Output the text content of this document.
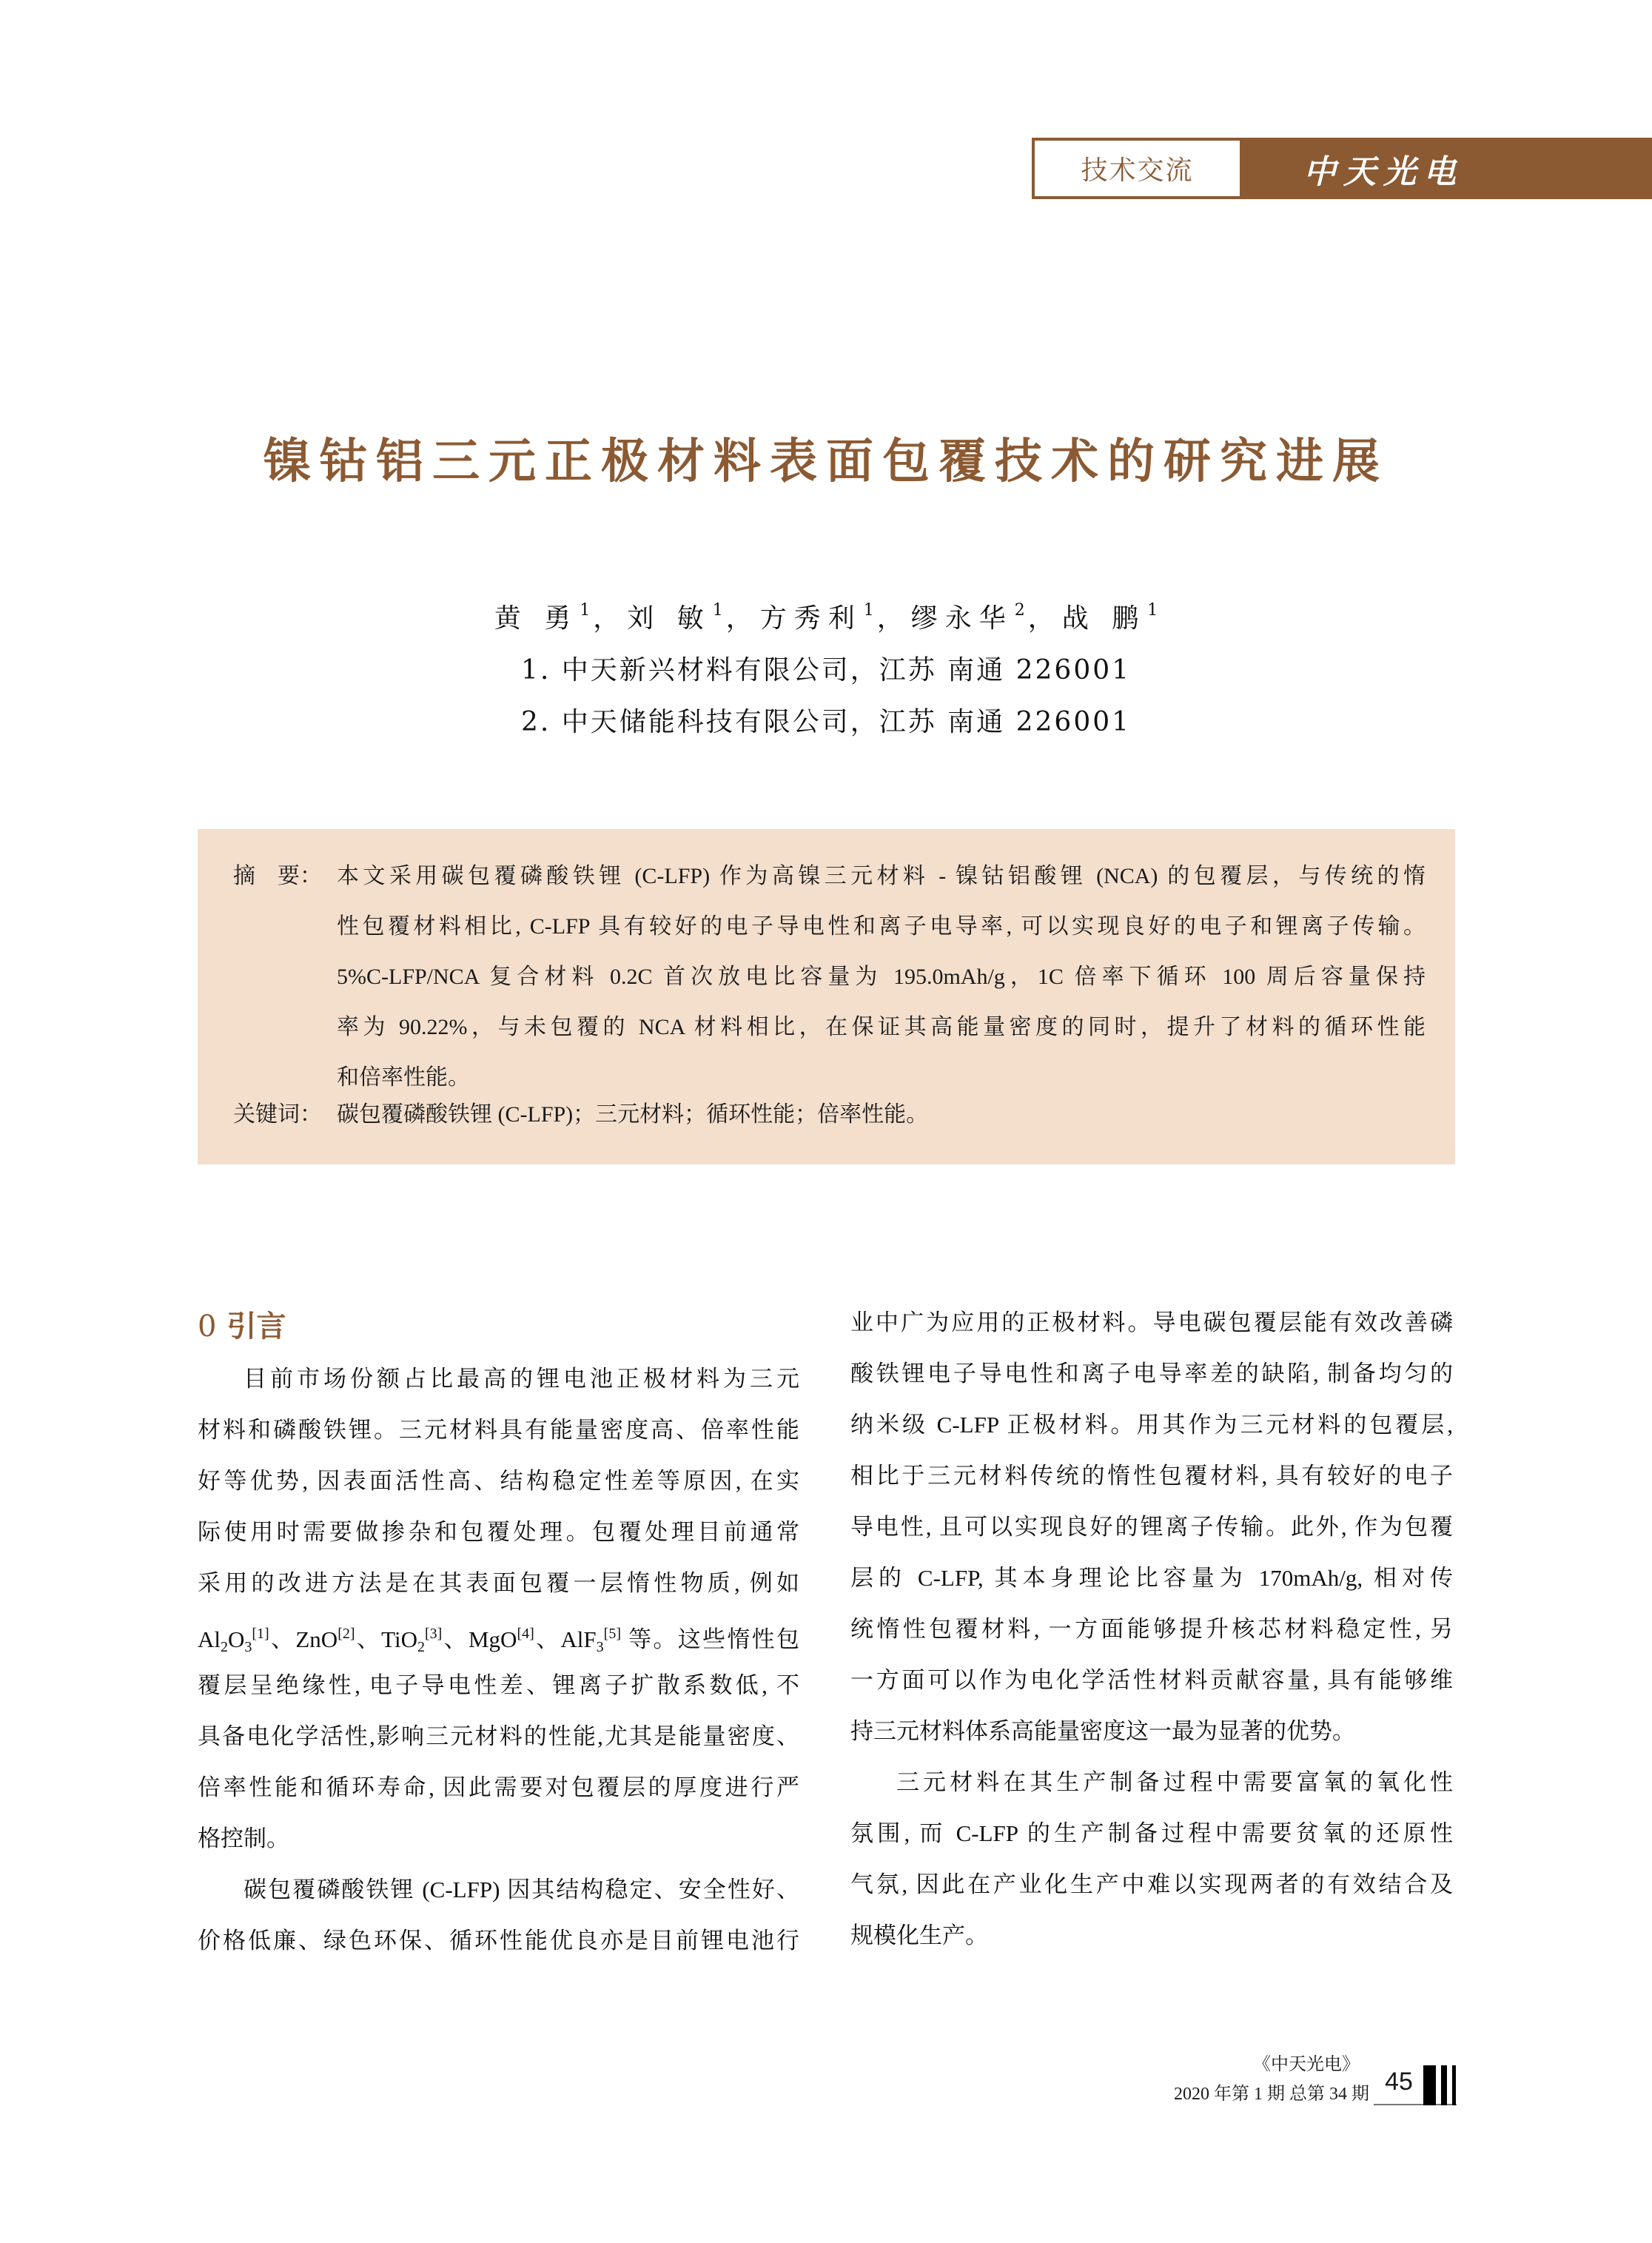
技术交流	中天光电
镍钴铝三元正极材料表面包覆技术的研究进展
黄 勇$^1$ ， 刘 敏$^1$ ， 方秀利$^1$ ， 缪永华$^2$ ， 战 鹏$^1$
1. 中天新兴材料有限公司，江苏 南通 226001
2. 中天储能科技有限公司，江苏 南通 226001
摘　要： 本文采用碳包覆磷酸铁锂 (C-LFP) 作为高镍三元材料 - 镍钴铝酸锂 (NCA) 的包覆层，与传统的惰
性包覆材料相比, C-LFP 具有较好的电子导电性和离子电导率, 可以实现良好的电子和锂离子传输。
5%C-LFP/NCA 复合材料 0.2C 首次放电比容量为 195.0mAh/g，1C 倍率下循环 100 周后容量保持
率为 90.22%，与未包覆的 NCA 材料相比，在保证其高能量密度的同时，提升了材料的循环性能
和倍率性能。
关键词： 碳包覆磷酸铁锂 (C-LFP)；三元材料；循环性能；倍率性能。
0 引言
目前市场份额占比最高的锂电池正极材料为三元
材料和磷酸铁锂。三元材料具有能量密度高、倍率性能
好等优势, 因表面活性高、结构稳定性差等原因, 在实
际使用时需要做掺杂和包覆处理。包覆处理目前通常
采用的改进方法是在其表面包覆一层惰性物质, 例如
$Al_2O_3[1]$、ZnO[2]、TiO$_2$[3]、MgO[4]、AlF$_3$[5] 等。这些惰性包
覆层呈绝缘性, 电子导电性差、锂离子扩散系数低, 不
具备电化学活性,影响三元材料的性能,尤其是能量密度、
倍率性能和循环寿命, 因此需要对包覆层的厚度进行严
格控制。
碳包覆磷酸铁锂 (C-LFP) 因其结构稳定、安全性好、
价格低廉、绿色环保、循环性能优良亦是目前锂电池行
业中广为应用的正极材料。导电碳包覆层能有效改善磷
酸铁锂电子导电性和离子电导率差的缺陷, 制备均匀的
纳米级 C-LFP 正极材料。用其作为三元材料的包覆层,
相比于三元材料传统的惰性包覆材料, 具有较好的电子
导电性, 且可以实现良好的锂离子传输。此外, 作为包覆
层的 C-LFP, 其本身理论比容量为 170mAh/g, 相对传
统惰性包覆材料, 一方面能够提升核芯材料稳定性, 另
一方面可以作为电化学活性材料贡献容量, 具有能够维
持三元材料体系高能量密度这一最为显著的优势。
三元材料在其生产制备过程中需要富氧的氧化性
氛围, 而 C-LFP 的生产制备过程中需要贫氧的还原性
气氛, 因此在产业化生产中难以实现两者的有效结合及
规模化生产。
《中天光电》
2020 年第 1 期 总第 34 期 45
